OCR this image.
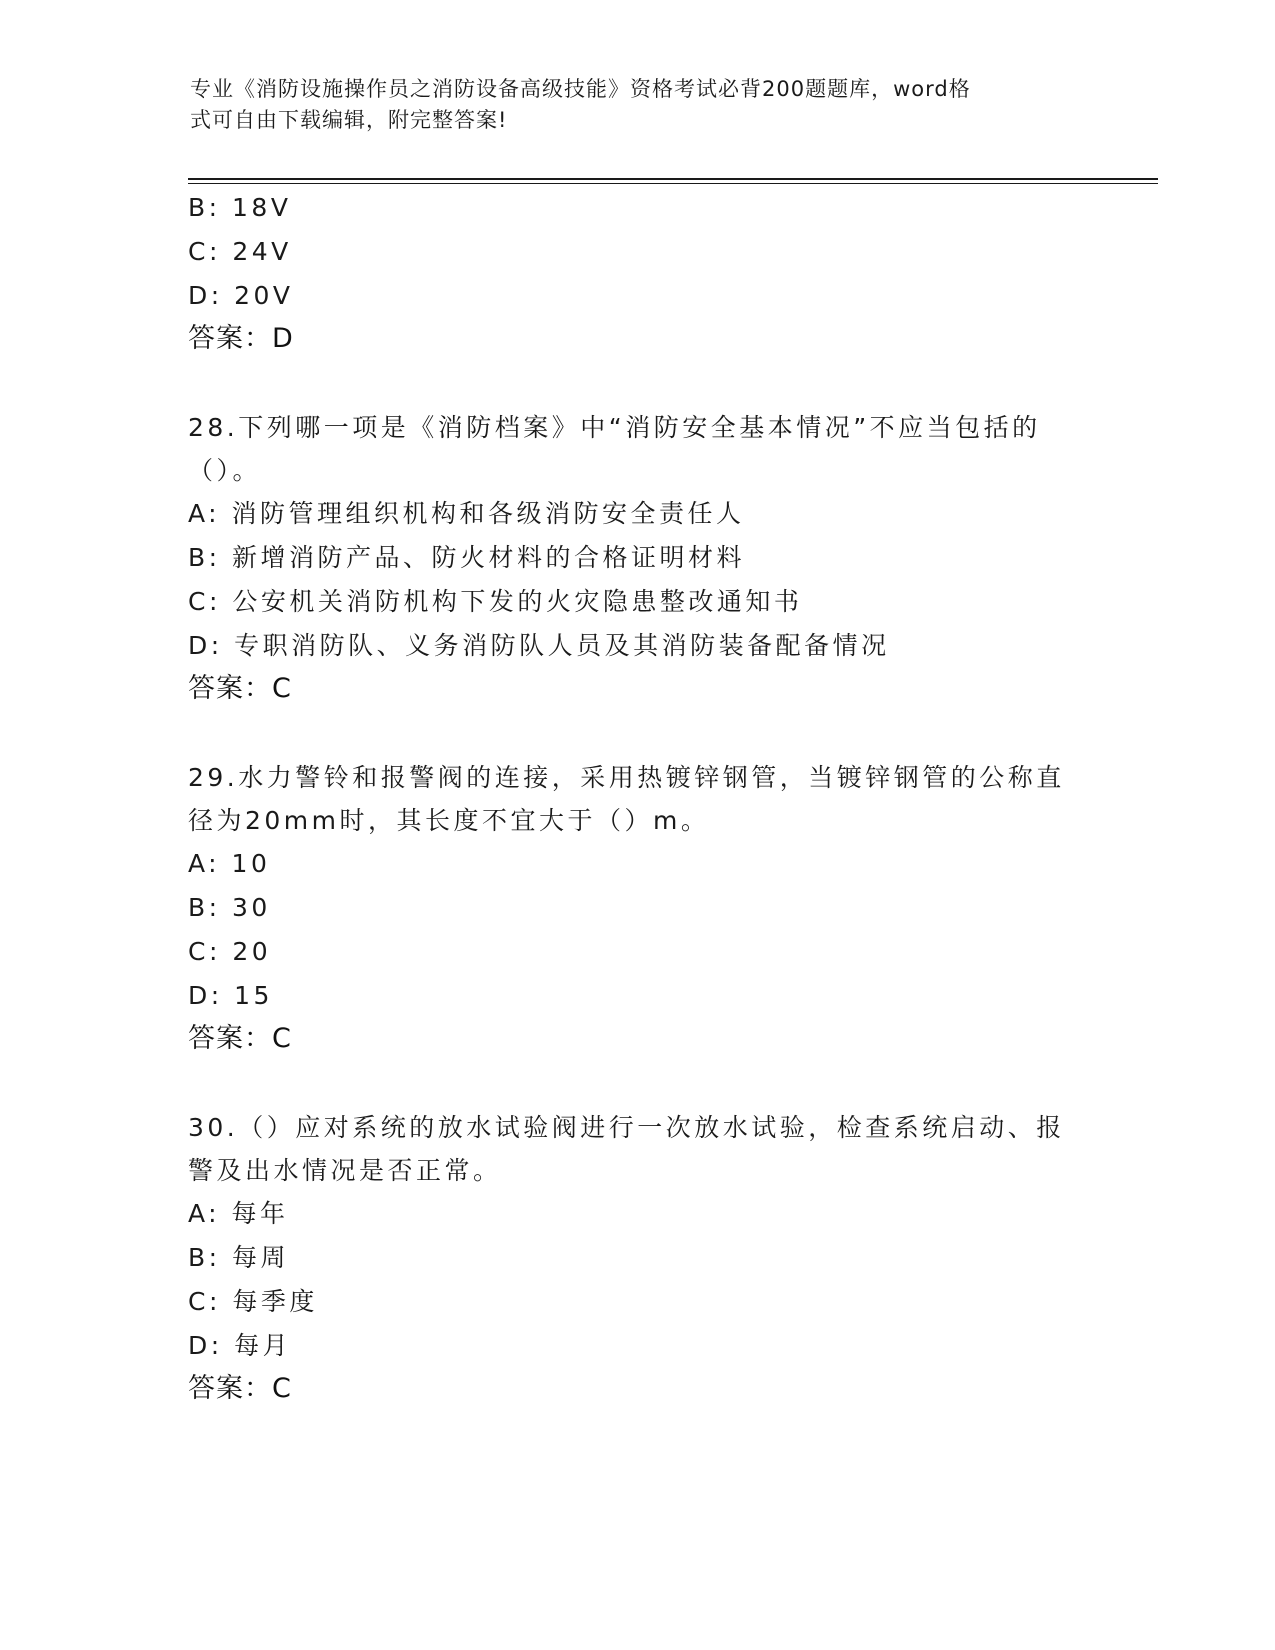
专业《消防设施操作员之消防设备高级技能》资格考试必背200题题库，word格
式可自由下载编辑，附完整答案!
B: 18V
C: 24V
D: 20V
答案：D
28.下列哪一项是《消防档案》中“消防安全基本情况”不应当包括的
（）。
A: 消防管理组织机构和各级消防安全责任人
B: 新增消防产品、防火材料的合格证明材料
C: 公安机关消防机构下发的火灾隐患整改通知书
D: 专职消防队、义务消防队人员及其消防装备配备情况
答案：C
29.水力警铃和报警阀的连接，采用热镀锌钢管，当镀锌钢管的公称直
径为20mm时，其长度不宜大于（）m。
A: 10
B: 30
C: 20
D: 15
答案：C
30.（）应对系统的放水试验阀进行一次放水试验，检查系统启动、报
警及出水情况是否正常。
A: 每年
B: 每周
C: 每季度
D: 每月
答案：C
